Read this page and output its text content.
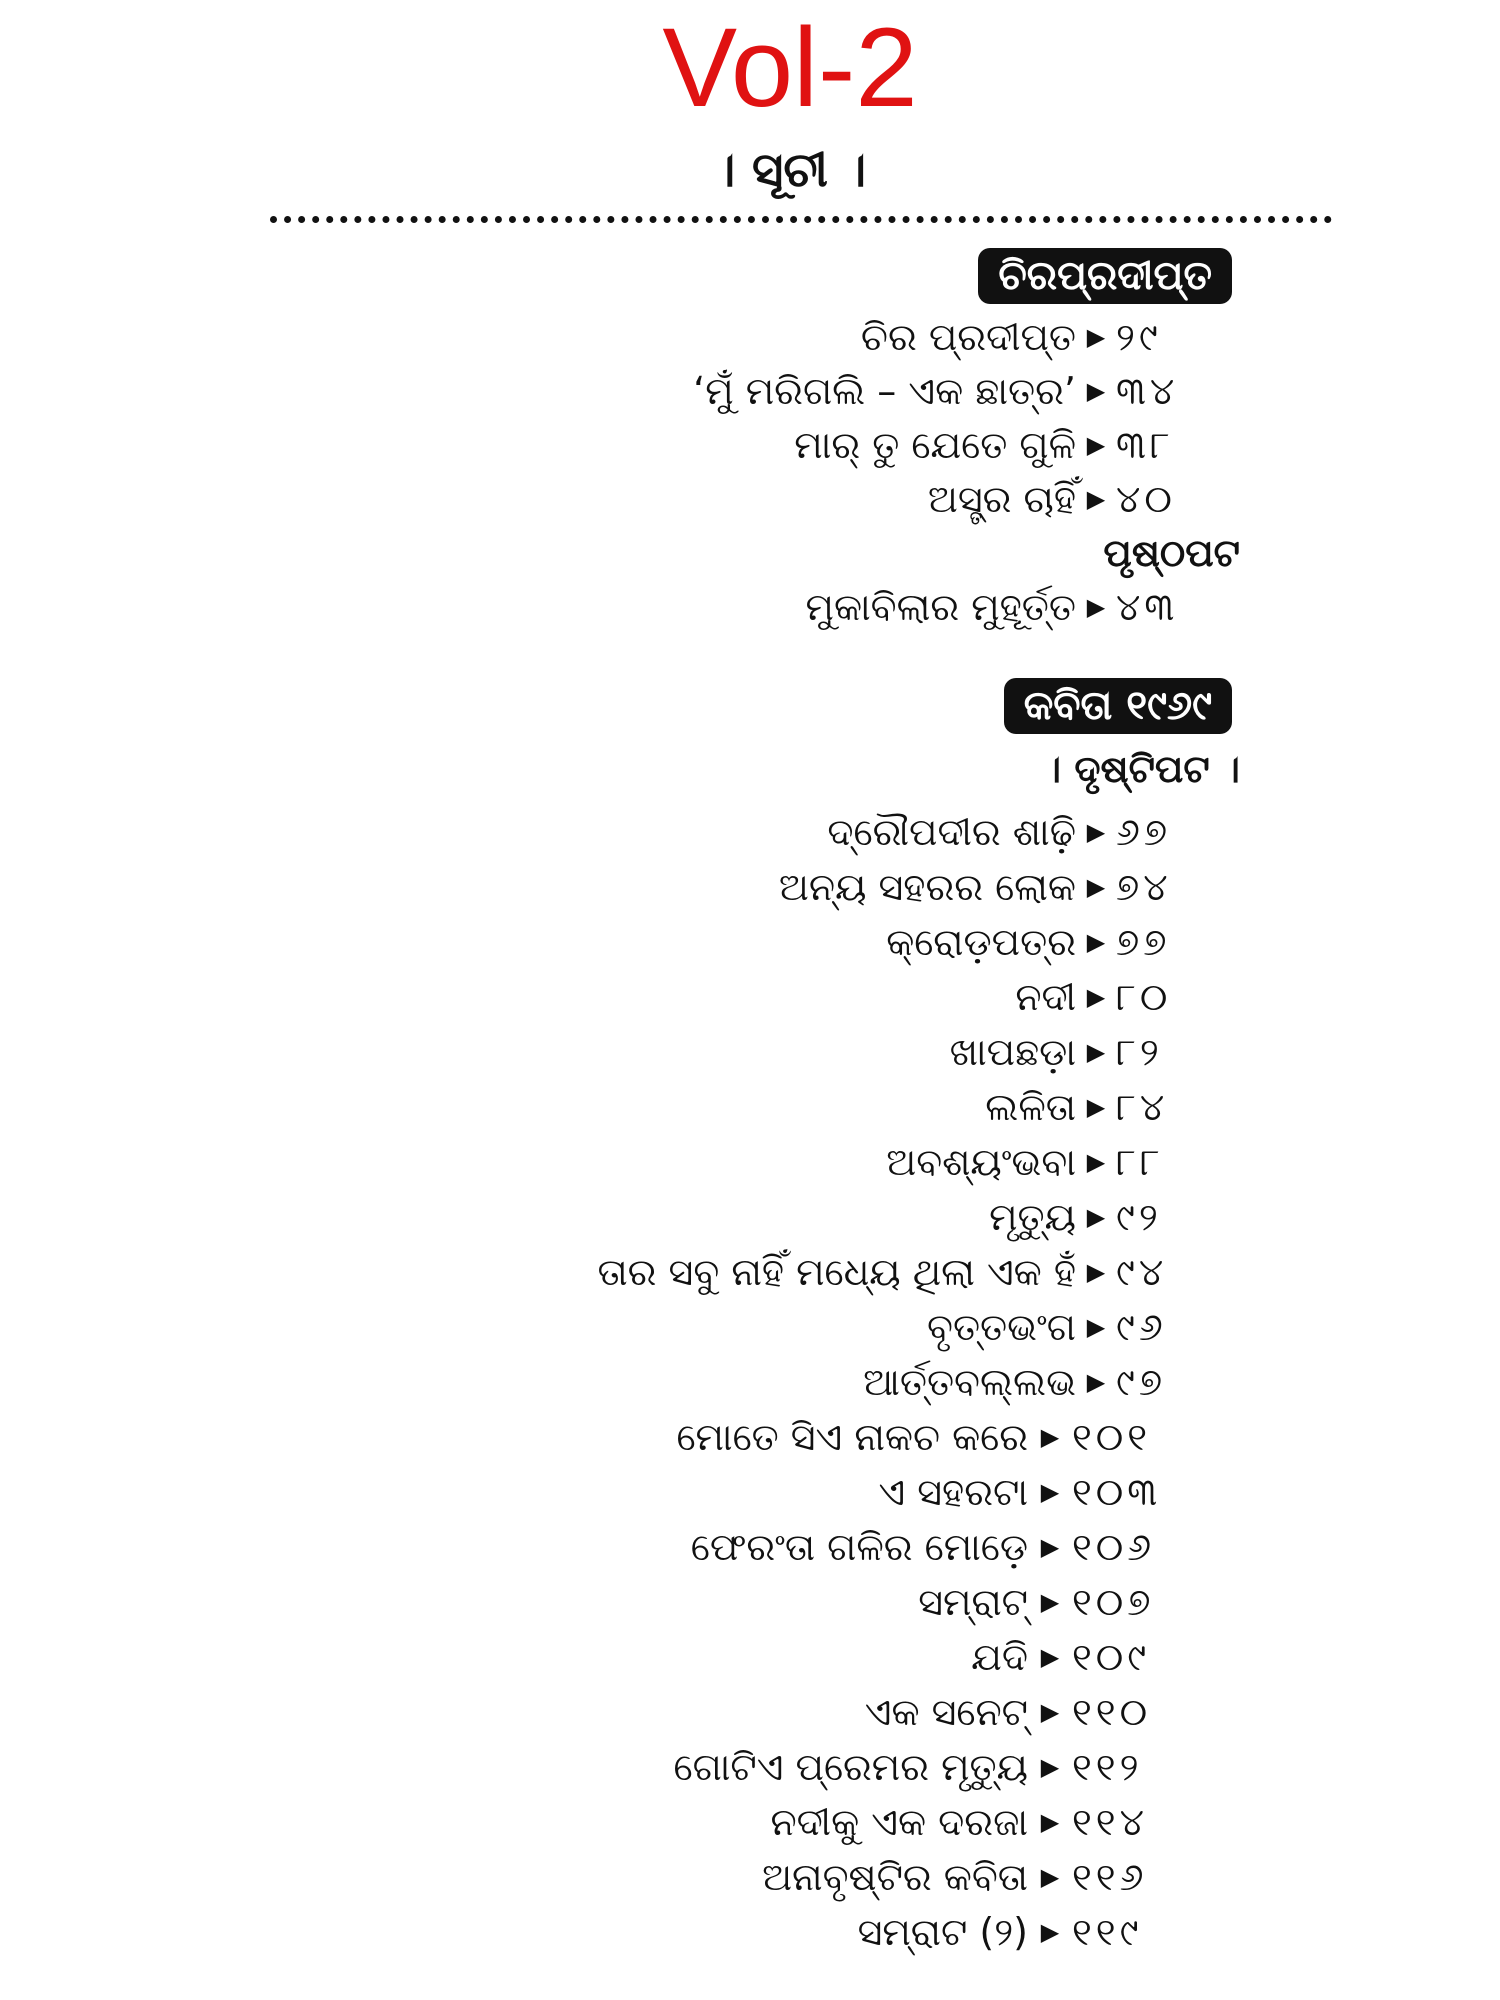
Vol-2
। ସୂଚୀ ।
ଚିରପ୍ରଦୀପ୍ତ
ଚିର ପ୍ରଦୀପ୍ତ ▶ ୨୯
‘ମୁଁ ମରିଗଲି – ଏକ ଛାତ୍ର’ ▶ ୩୪
ମାର୍ ତୁ ଯେତେ ଗୁଳି ▶ ୩୮
ଅସ୍ତ୍ର ଚାହିଁ ▶ ୪୦
ପୃଷ୍ଠପଟ
ମୁକାବିଲାର ମୁହୂର୍ତ୍ତ ▶ ୪୩
କବିତା ୧୯୬୯
। ଦୃଷ୍ଟିପଟ ।
ଦ୍ରୌପଦୀର ଶାଢ଼ି ▶ ୬୭
ଅନ୍ୟ ସହରର ଲୋକ ▶ ୭୪
କ୍ରୋଡ଼ପତ୍ର ▶ ୭୭
ନଦୀ ▶ ୮୦
ଖାପଛଡ଼ା ▶ ୮୨
ଲଳିତା ▶ ୮୪
ଅବଶ୍ୟଂଭବା ▶ ୮୮
ମୃତ୍ୟୁ ▶ ୯୨
ତାର ସବୁ ନାହିଁ ମଧ୍ୟେ ଥିଲା ଏକ ହଁ ▶ ୯୪
ବୃତ୍ତଭଂଗ ▶ ୯୬
ଆର୍ତ୍ତବଲ୍ଲଭ ▶ ୯୭
ମୋତେ ସିଏ ନାକଚ କରେ ▶ ୧୦୧
ଏ ସହରଟା ▶ ୧୦୩
ଫେରଂତା ଗଳିର ମୋଡ଼େ ▶ ୧୦୬
ସମ୍ରାଟ୍ ▶ ୧୦୭
ଯଦି ▶ ୧୦୯
ଏକ ସନେଟ୍ ▶ ୧୧୦
ଗୋଟିଏ ପ୍ରେମର ମୃତ୍ୟୁ ▶ ୧୧୨
ନଦୀକୁ ଏକ ଦରଜା ▶ ୧୧୪
ଅନାବୃଷ୍ଟିର କବିତା ▶ ୧୧୬
ସମ୍ରାଟ (୨) ▶ ୧୧୯
